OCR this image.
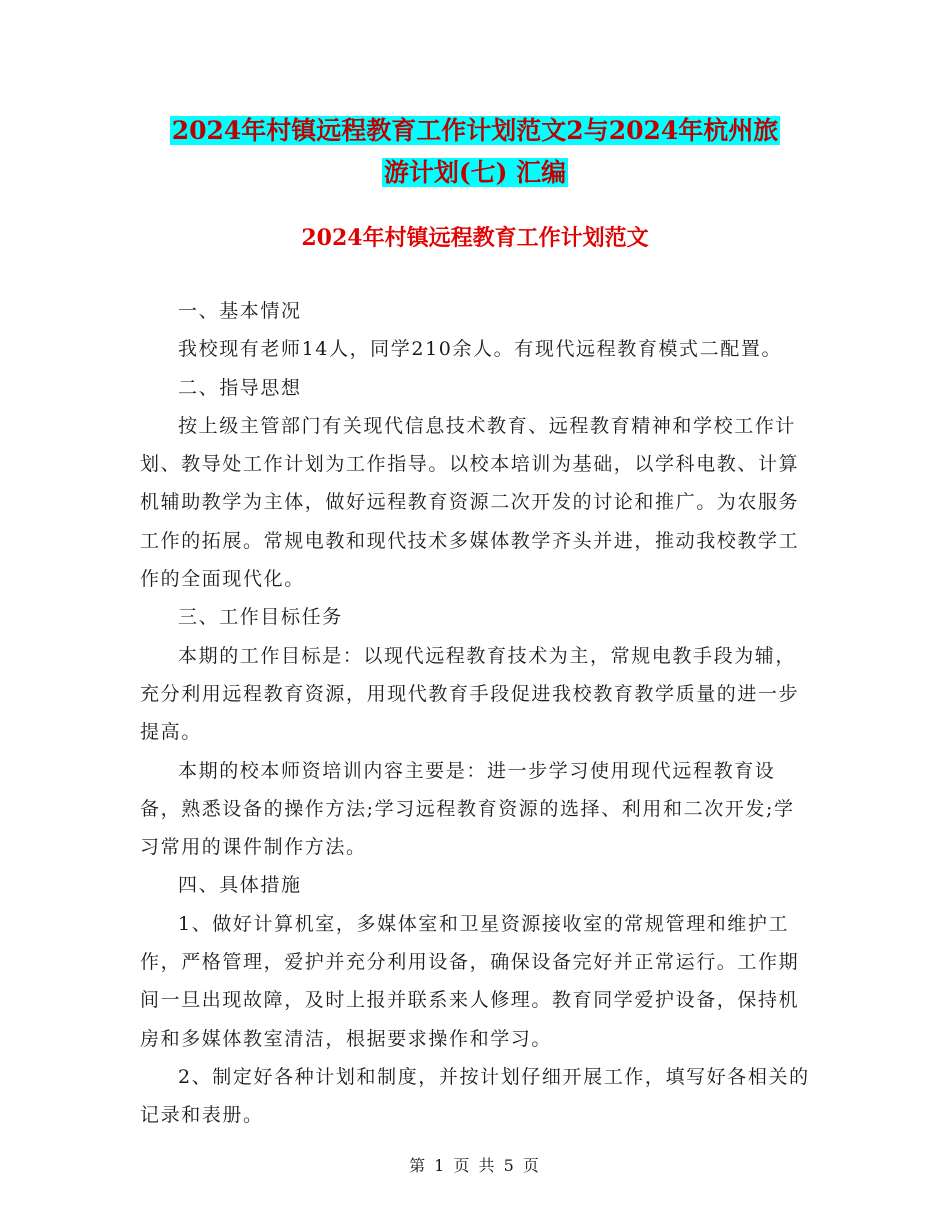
2024年村镇远程教育工作计划范文2与2024年杭州旅
游计划(七) 汇编
2024年村镇远程教育工作计划范文

一、基本情况

我校现有老师14人，同学210余人。有现代远程教育模式二配置。

二、指导思想

按上级主管部门有关现代信息技术教育、远程教育精神和学校工作计划、教导处工作计划为工作指导。以校本培训为基础，以学科电教、计算机辅助教学为主体，做好远程教育资源二次开发的讨论和推广。为农服务工作的拓展。常规电教和现代技术多媒体教学齐头并进，推动我校教学工作的全面现代化。

三、工作目标任务

本期的工作目标是：以现代远程教育技术为主，常规电教手段为辅，充分利用远程教育资源，用现代教育手段促进我校教育教学质量的进一步提高。

本期的校本师资培训内容主要是：进一步学习使用现代远程教育设备，熟悉设备的操作方法;学习远程教育资源的选择、利用和二次开发;学习常用的课件制作方法。

四、具体措施

1、做好计算机室，多媒体室和卫星资源接收室的常规管理和维护工作，严格管理，爱护并充分利用设备，确保设备完好并正常运行。工作期间一旦出现故障，及时上报并联系来人修理。教育同学爱护设备，保持机房和多媒体教室清洁，根据要求操作和学习。

2、制定好各种计划和制度，并按计划仔细开展工作，填写好各相关的记录和表册。

第 1 页 共 5 页
